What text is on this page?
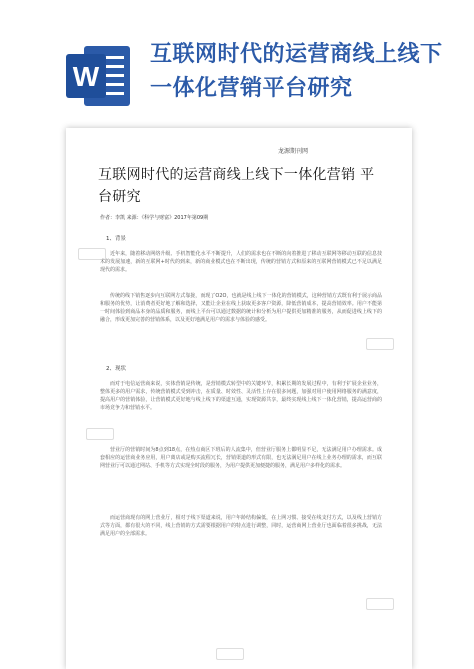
W
互联网时代的运营商线上线下
一体化营销平台研究
龙源期刊网
互联网时代的运营商线上线下一体化营销 平台研究
作者：李凯 来源：《科学与财富》2017年第09期
1、背景

近年来，随着移动网络升级、手机智能化水平不断提升，人们的需求也在不断的向着推进了移动互联网等移动互联的信息技术的发展加速，新的互联网+时代的到来，新的商业模式也在不断出现，传统的营销方式和原来的互联网营销模式已不足以满足现代的需求。

传统的线下销售逐步向互联网方式靠拢，而现了O2O，也就是线上线下一体化的营销模式，这种营销方式既有利于展示商品和服务的优势，让消费者更好地了解和选择，又能让企业在线上获取更多客户资源，降低营销成本，提高营销效率。用户不能第一时间体验到商品本身的品质和服务，而线上平台可以通过数据的统计和分析为用户提供更加精准的服务，从而促进线上线下的融合，形成更加完善的营销体系，以及更好地满足用户的需求与体验的感受。

2、现状

而对于电信运营商来说，实体营销是传统，是营销模式转型中的关键环节，积累长期的发展过程中，有利于扩展企业业务，整体更多的用户需求，传统营销模式受到冲击，在质量、时效性、灵活性上存在很多问题，加强对用户使用网络服务的满意度，提高用户的营销体验，让营销模式更好地与线上线下的渠道互通，实现资源共享，最终实现线上线下一体化营销，提高运营商的市场竞争力和营销水平。

营业厅的营销时间为8点到18点，在热点商区下班后的人流集中，但营业厅服务上都明显不足，无法满足用户办理需求。成套相应的运营商业务应用，用户离店或是购买流程冗长，营销渠道的形式有限，也无法满足用户在线上业务办理的需求，而互联网营业厅可以通过网站、手机等方式实现全时段的服务，为用户提供更加便捷的服务，满足用户多样化的需求。

而运营商现有的网上营业厅，相对于线下渠道来说，用户年龄结构偏低，在上网习惯、接受在线支付方式，以及线上营销方式等方面，都有很大的不同，线上营销的方式需要根据用户的特点进行调整，同时，运营商网上营业厅也面临着很多挑战，无法满足用户的全部需求。
